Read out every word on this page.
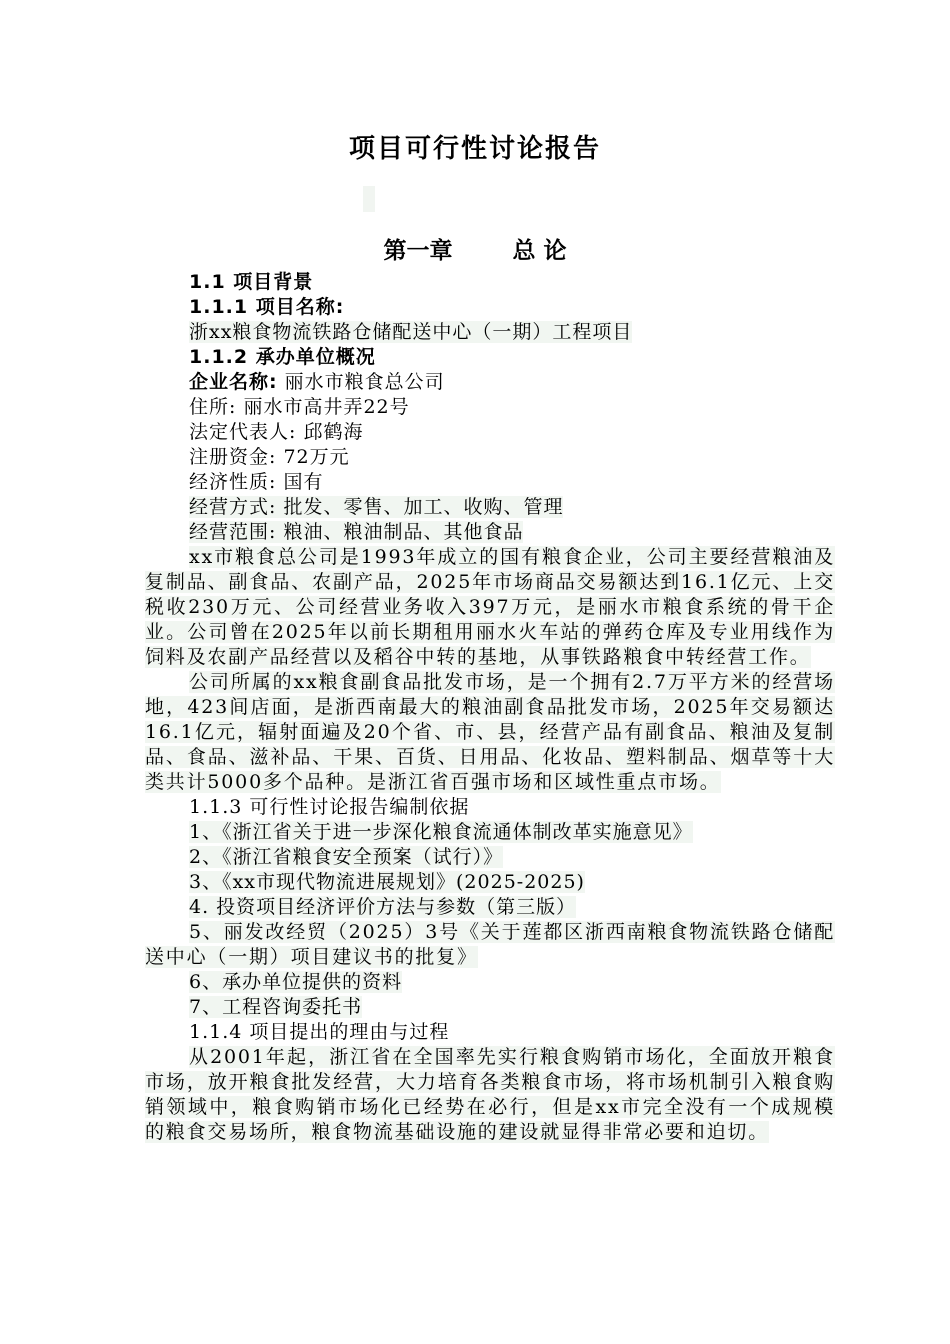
项目可行性讨论报告
第一章	总 论
1.1 项目背景
1.1.1 项目名称:
浙xx粮食物流铁路仓储配送中心（一期）工程项目
1.1.2 承办单位概况
企业名称: 丽水市粮食总公司
住所: 丽水市高井弄22号
法定代表人: 邱鹤海
注册资金: 72万元
经济性质: 国有
经营方式: 批发、零售、加工、收购、管理
经营范围: 粮油、粮油制品、其他食品
xx市粮食总公司是1993年成立的国有粮食企业，公司主要经营粮油及复制品、副食品、农副产品，2025年市场商品交易额达到16.1亿元、上交税收230万元、公司经营业务收入397万元，是丽水市粮食系统的骨干企业。公司曾在2025年以前长期租用丽水火车站的弹药仓库及专业用线作为饲料及农副产品经营以及稻谷中转的基地，从事铁路粮食中转经营工作。
公司所属的xx粮食副食品批发市场，是一个拥有2.7万平方米的经营场地，423间店面，是浙西南最大的粮油副食品批发市场，2025年交易额达16.1亿元，辐射面遍及20个省、市、县，经营产品有副食品、粮油及复制品、食品、滋补品、干果、百货、日用品、化妆品、塑料制品、烟草等十大类共计5000多个品种。是浙江省百强市场和区域性重点市场。
1.1.3 可行性讨论报告编制依据
1、《浙江省关于进一步深化粮食流通体制改革实施意见》
2、《浙江省粮食安全预案（试行）》
3、《xx市现代物流进展规划》(2025-2025)
4. 投资项目经济评价方法与参数（第三版）
5、丽发改经贸（2025）3号《关于莲都区浙西南粮食物流铁路仓储配送中心（一期）项目建议书的批复》
6、承办单位提供的资料
7、工程咨询委托书
1.1.4 项目提出的理由与过程
从2001年起，浙江省在全国率先实行粮食购销市场化，全面放开粮食市场，放开粮食批发经营，大力培育各类粮食市场，将市场机制引入粮食购销领域中，粮食购销市场化已经势在必行，但是xx市完全没有一个成规模的粮食交易场所，粮食物流基础设施的建设就显得非常必要和迫切。
